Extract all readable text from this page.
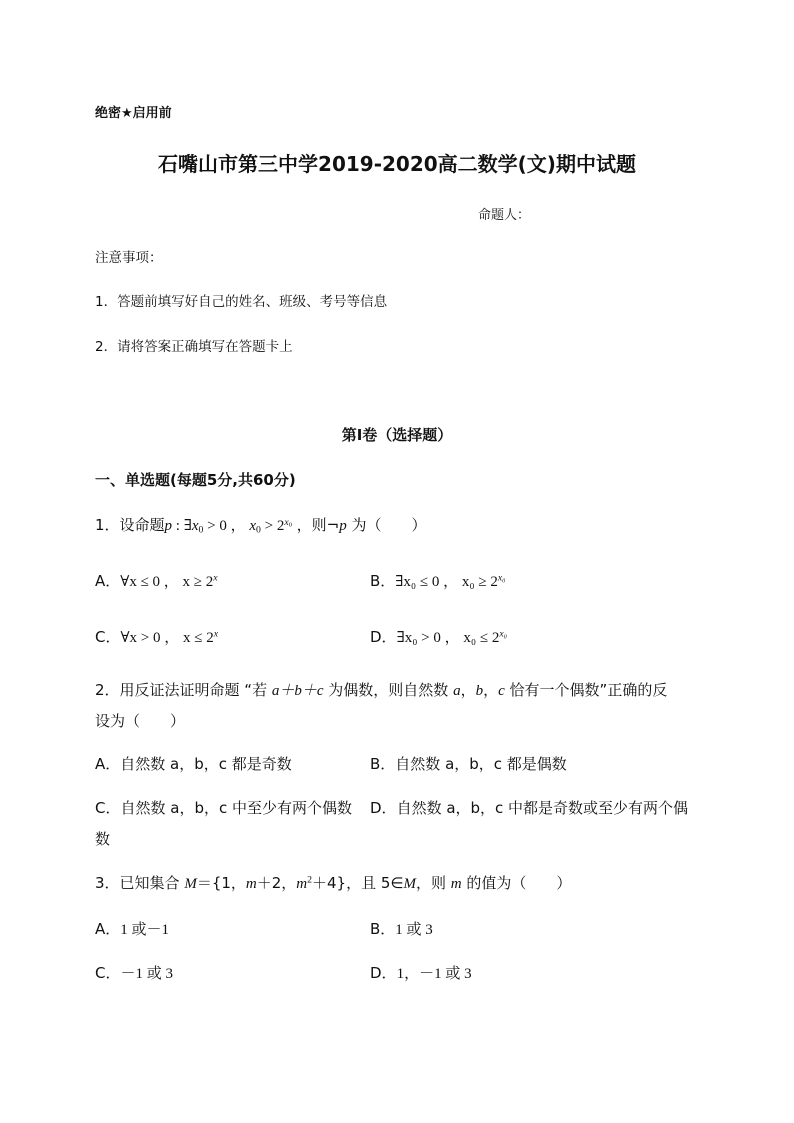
绝密★启用前
石嘴山市第三中学2019-2020高二数学(文)期中试题
命题人：
注意事项：
1．答题前填写好自己的姓名、班级、考号等信息
2．请将答案正确填写在答题卡上
第I卷（选择题）
一、单选题(每题5分,共60分)
1．设命题p : $\exists x_0 > 0$ ， $x_0 > 2^{x_0}$ ，则¬p 为（　　）
A．∀x ≤ 0 ， $x \ge 2^x$	B．∃x₀ ≤ 0 ， $x_0 \ge 2^{x_0}$
C．∀x > 0 ， $x \le 2^x$	D．∃x₀ > 0 ， $x_0 \le 2^{x_0}$
2．用反证法证明命题 “若 a＋b＋c 为偶数，则自然数 a，b，c 恰有一个偶数”正确的反
设为（　　）
A．自然数 a，b，c 都是奇数	B．自然数 a，b，c 都是偶数
C．自然数 a，b，c 中至少有两个偶数 D．自然数 a，b，c 中都是奇数或至少有两个偶
数
3．已知集合 M＝{1，m＋2，$m^2+4$}，且 5∈M，则 m 的值为（　　）
A．1 或－1	B．1 或 3
C．－1 或 3	D．1，－1 或 3
